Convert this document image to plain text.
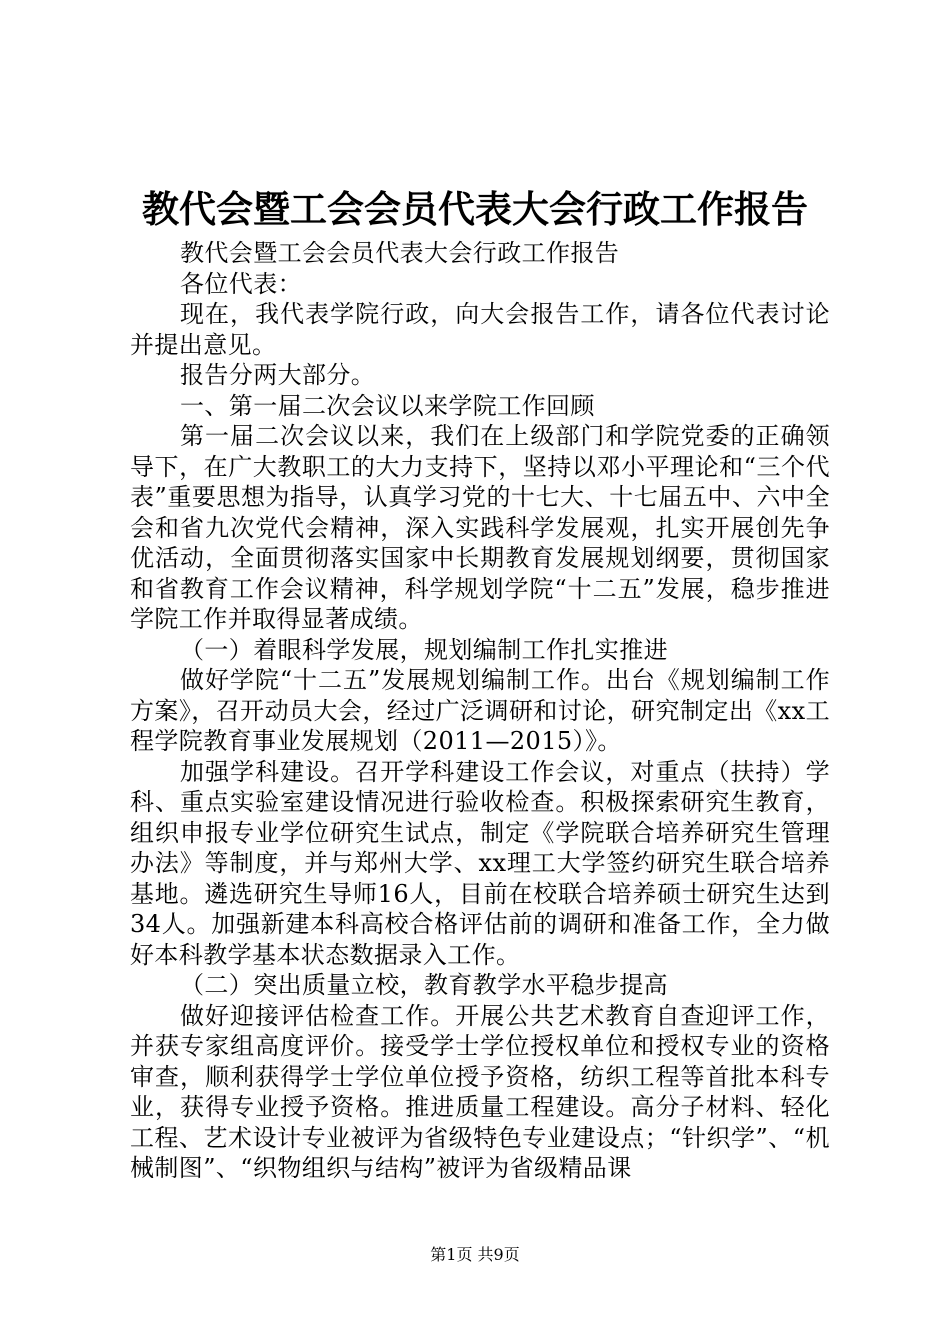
教代会暨工会会员代表大会行政工作报告

教代会暨工会会员代表大会行政工作报告

各位代表：

现在，我代表学院行政，向大会报告工作，请各位代表讨论并提出意见。

报告分两大部分。

一、第一届二次会议以来学院工作回顾

第一届二次会议以来，我们在上级部门和学院党委的正确领导下，在广大教职工的大力支持下，坚持以邓小平理论和“三个代表”重要思想为指导，认真学习党的十七大、十七届五中、六中全会和省九次党代会精神，深入实践科学发展观，扎实开展创先争优活动，全面贯彻落实国家中长期教育发展规划纲要，贯彻国家和省教育工作会议精神，科学规划学院“十二五”发展，稳步推进学院工作并取得显著成绩。

（一）着眼科学发展，规划编制工作扎实推进

做好学院“十二五”发展规划编制工作。出台《规划编制工作方案》，召开动员大会，经过广泛调研和讨论，研究制定出《xx工程学院教育事业发展规划（2011—2015）》。

加强学科建设。召开学科建设工作会议，对重点（扶持）学科、重点实验室建设情况进行验收检查。积极探索研究生教育，组织申报专业学位研究生试点，制定《学院联合培养研究生管理办法》等制度，并与郑州大学、xx理工大学签约研究生联合培养基地。遴选研究生导师16人，目前在校联合培养硕士研究生达到34人。加强新建本科高校合格评估前的调研和准备工作，全力做好本科教学基本状态数据录入工作。

（二）突出质量立校，教育教学水平稳步提高

做好迎接评估检查工作。开展公共艺术教育自查迎评工作，并获专家组高度评价。接受学士学位授权单位和授权专业的资格审查，顺利获得学士学位单位授予资格，纺织工程等首批本科专业，获得专业授予资格。推进质量工程建设。高分子材料、轻化工程、艺术设计专业被评为省级特色专业建设点；“针织学”、“机械制图”、“织物组织与结构”被评为省级精品课

第1页 共9页
